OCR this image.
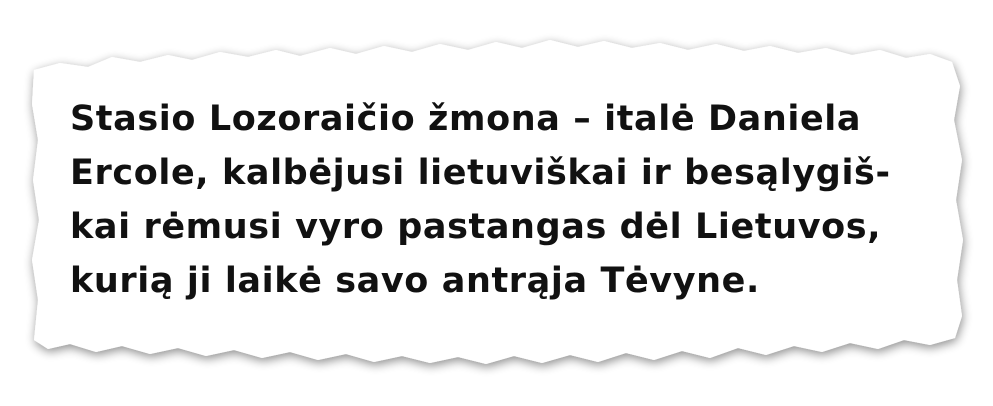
Stasio Lozoraičio žmona – italė Daniela
Ercole, kalbėjusi lietuviškai ir besąlygiš-
kai rėmusi vyro pastangas dėl Lietuvos,
kurią ji laikė savo antrąja Tėvyne.
